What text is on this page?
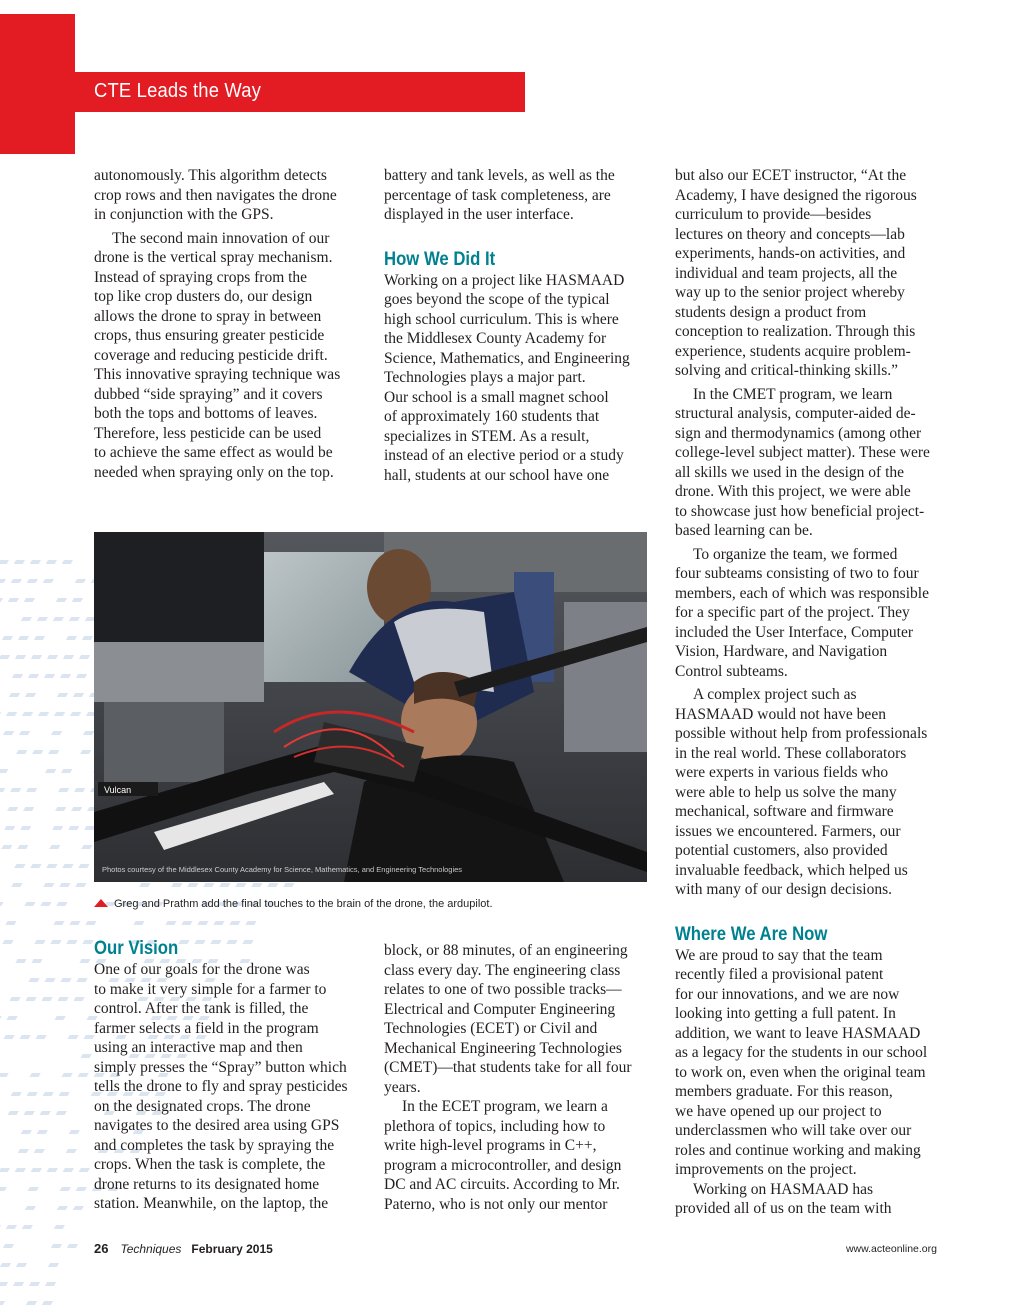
CTE Leads the Way

autonomously. This algorithm detects
crop rows and then navigates the drone
in conjunction with the GPS.

The second main innovation of our
drone is the vertical spray mechanism.
Instead of spraying crops from the
top like crop dusters do, our design
allows the drone to spray in between
crops, thus ensuring greater pesticide
coverage and reducing pesticide drift.
This innovative spraying technique was
dubbed “side spraying” and it covers
both the tops and bottoms of leaves.
Therefore, less pesticide can be used
to achieve the same effect as would be
needed when spraying only on the top.

battery and tank levels, as well as the
percentage of task completeness, are
displayed in the user interface.

How We Did It

Working on a project like HASMAAD
goes beyond the scope of the typical
high school curriculum. This is where
the Middlesex County Academy for
Science, Mathematics, and Engineering
Technologies plays a major part.

Our school is a small magnet school
of approximately 160 students that
specializes in STEM. As a result,
instead of an elective period or a study
hall, students at our school have one

but also our ECET instructor, “At the
Academy, I have designed the rigorous
curriculum to provide—besides
lectures on theory and concepts—lab
experiments, hands-on activities, and
individual and team projects, all the
way up to the senior project whereby
students design a product from
conception to realization. Through this
experience, students acquire problem-
solving and critical-thinking skills.”

In the CMET program, we learn
structural analysis, computer-aided de-
sign and thermodynamics (among other
college-level subject matter). These were
all skills we used in the design of the
drone. With this project, we were able
to showcase just how beneficial project-
based learning can be.

To organize the team, we formed
four subteams consisting of two to four
members, each of which was responsible
for a specific part of the project. They
included the User Interface, Computer
Vision, Hardware, and Navigation
Control subteams.

A complex project such as
HASMAAD would not have been
possible without help from professionals
in the real world. These collaborators
were experts in various fields who
were able to help us solve the many
mechanical, software and firmware
issues we encountered. Farmers, our
potential customers, also provided
invaluable feedback, which helped us
with many of our design decisions.

Where We Are Now

We are proud to say that the team
recently filed a provisional patent
for our innovations, and we are now
looking into getting a full patent. In
addition, we want to leave HASMAAD
as a legacy for the students in our school
to work on, even when the original team
members graduate. For this reason,
we have opened up our project to
underclassmen who will take over our
roles and continue working and making
improvements on the project.

Working on HASMAAD has
provided all of us on the team with

Vulcan
Photos courtesy of the Middlesex County Academy for Science, Mathematics, and Engineering Technologies
Greg and Prathm add the final touches to the brain of the drone, the ardupilot.
Our Vision

One of our goals for the drone was
to make it very simple for a farmer to
control. After the tank is filled, the
farmer selects a field in the program
using an interactive map and then
simply presses the “Spray” button which
tells the drone to fly and spray pesticides
on the designated crops. The drone
navigates to the desired area using GPS
and completes the task by spraying the
crops. When the task is complete, the
drone returns to its designated home
station. Meanwhile, on the laptop, the

block, or 88 minutes, of an engineering
class every day. The engineering class
relates to one of two possible tracks—
Electrical and Computer Engineering
Technologies (ECET) or Civil and
Mechanical Engineering Technologies
(CMET)—that students take for all four
years.

In the ECET program, we learn a
plethora of topics, including how to
write high-level programs in C++,
program a microcontroller, and design
DC and AC circuits. According to Mr.
Paterno, who is not only our mentor

26 Techniques February 2015	www.acteonline.org
